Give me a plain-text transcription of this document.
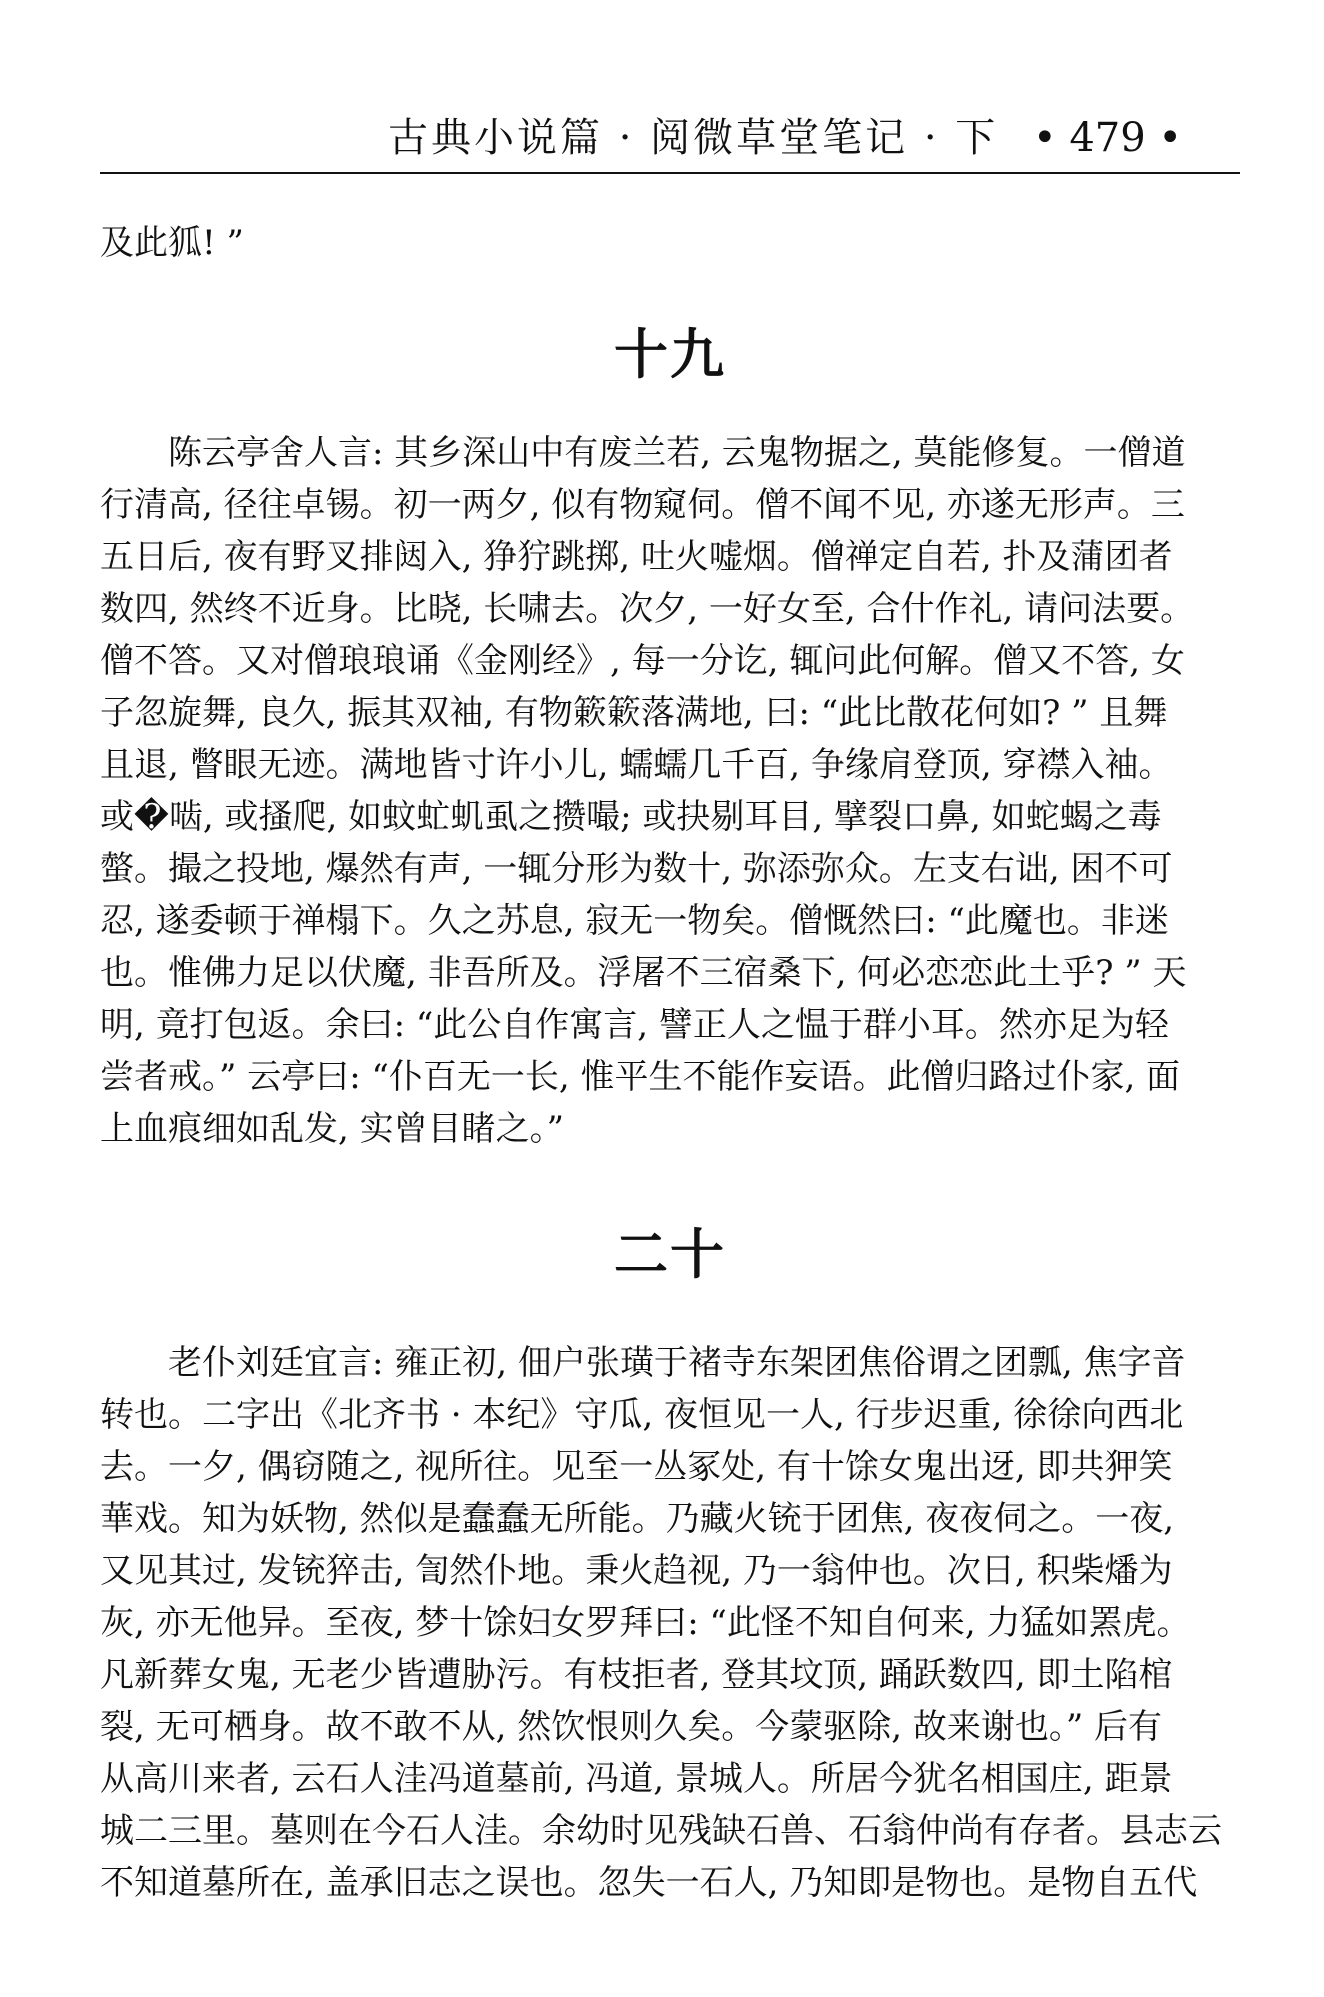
古典小说篇 · 阅微草堂笔记 · 下 • 479 •
及此狐! ”
十九

陈云亭舍人言: 其乡深山中有废兰若, 云鬼物据之, 莫能修复。一僧道
行清高, 径往卓锡。初一两夕, 似有物窥伺。僧不闻不见, 亦遂无形声。三
五日后, 夜有野叉排闼入, 狰狞跳掷, 吐火嘘烟。僧禅定自若, 扑及蒲团者
数四, 然终不近身。比晓, 长啸去。次夕, 一好女至, 合什作礼, 请问法要。
僧不答。又对僧琅琅诵《金刚经》, 每一分讫, 辄问此何解。僧又不答, 女
子忽旋舞, 良久, 振其双袖, 有物簌簌落满地, 曰: “此比散花何如? ” 且舞
且退, 瞥眼无迹。满地皆寸许小儿, 蠕蠕几千百, 争缘肩登顶, 穿襟入袖。
或�啮, 或搔爬, 如蚊虻虮虱之攒嘬; 或抉剔耳目, 擘裂口鼻, 如蛇蝎之毒
螫。撮之投地, 爆然有声, 一辄分形为数十, 弥添弥众。左支右诎, 困不可
忍, 遂委顿于禅榻下。久之苏息, 寂无一物矣。僧慨然曰: “此魔也。非迷
也。惟佛力足以伏魔, 非吾所及。浮屠不三宿桑下, 何必恋恋此土乎? ” 天
明, 竟打包返。余曰: “此公自作寓言, 譬正人之愠于群小耳。然亦足为轻
尝者戒。” 云亭曰: “仆百无一长, 惟平生不能作妄语。此僧归路过仆家, 面
上血痕细如乱发, 实曾目睹之。”

二十

老仆刘廷宜言: 雍正初, 佃户张璜于褚寺东架团焦俗谓之团瓢, 焦字音
转也。二字出《北齐书 · 本纪》守瓜, 夜恒见一人, 行步迟重, 徐徐向西北
去。一夕, 偶窃随之, 视所往。见至一丛冢处, 有十馀女鬼出迓, 即共狎笑
華戏。知为妖物, 然似是蠢蠢无所能。乃藏火铳于团焦, 夜夜伺之。一夜,
又见其过, 发铳猝击, 訇然仆地。秉火趋视, 乃一翁仲也。次日, 积柴燔为
灰, 亦无他异。至夜, 梦十馀妇女罗拜曰: “此怪不知自何来, 力猛如罴虎。
凡新葬女鬼, 无老少皆遭胁污。有枝拒者, 登其坟顶, 踊跃数四, 即土陷棺
裂, 无可栖身。故不敢不从, 然饮恨则久矣。今蒙驱除, 故来谢也。” 后有
从高川来者, 云石人洼冯道墓前, 冯道, 景城人。所居今犹名相国庄, 距景
城二三里。墓则在今石人洼。余幼时见残缺石兽、石翁仲尚有存者。县志云
不知道墓所在, 盖承旧志之误也。忽失一石人, 乃知即是物也。是物自五代
